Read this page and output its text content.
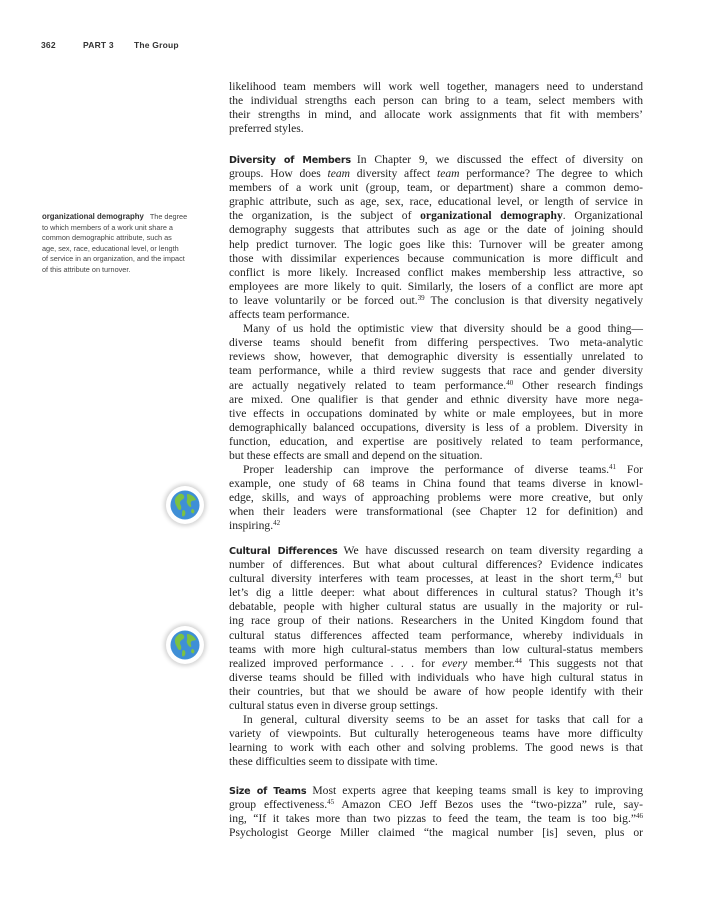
362	PART 3 The Group
organizational demography The degree
to which members of a work unit share a
common demographic attribute, such as
age, sex, race, educational level, or length
of service in an organization, and the impact
of this attribute on turnover.
likelihood team members will work well together, managers need to understand
the individual strengths each person can bring to a team, select members with
their strengths in mind, and allocate work assignments that fit with members’
preferred styles.
Diversity of Members In Chapter 9, we discussed the effect of diversity on
groups. How does team diversity affect team performance? The degree to which
members of a work unit (group, team, or department) share a common demo-
graphic attribute, such as age, sex, race, educational level, or length of service in
the organization, is the subject of organizational demography. Organizational
demography suggests that attributes such as age or the date of joining should
help predict turnover. The logic goes like this: Turnover will be greater among
those with dissimilar experiences because communication is more difficult and
conflict is more likely. Increased conflict makes membership less attractive, so
employees are more likely to quit. Similarly, the losers of a conflict are more apt
to leave voluntarily or be forced out.$^{39}$ The conclusion is that diversity negatively
affects team performance.
Many of us hold the optimistic view that diversity should be a good thing—
diverse teams should benefit from differing perspectives. Two meta-analytic
reviews show, however, that demographic diversity is essentially unrelated to
team performance, while a third review suggests that race and gender diversity
are actually negatively related to team performance.$^{40}$ Other research findings
are mixed. One qualifier is that gender and ethnic diversity have more nega-
tive effects in occupations dominated by white or male employees, but in more
demographically balanced occupations, diversity is less of a problem. Diversity in
function, education, and expertise are positively related to team performance,
but these effects are small and depend on the situation.
Proper leadership can improve the performance of diverse teams.$^{41}$ For
example, one study of 68 teams in China found that teams diverse in knowl-
edge, skills, and ways of approaching problems were more creative, but only
when their leaders were transformational (see Chapter 12 for definition) and
inspiring.$^{42}$
Cultural Differences We have discussed research on team diversity regarding a
number of differences. But what about cultural differences? Evidence indicates
cultural diversity interferes with team processes, at least in the short term,$^{43}$ but
let’s dig a little deeper: what about differences in cultural status? Though it’s
debatable, people with higher cultural status are usually in the majority or rul-
ing race group of their nations. Researchers in the United Kingdom found that
cultural status differences affected team performance, whereby individuals in
teams with more high cultural-status members than low cultural-status members
realized improved performance . . . for every member.$^{44}$ This suggests not that
diverse teams should be filled with individuals who have high cultural status in
their countries, but that we should be aware of how people identify with their
cultural status even in diverse group settings.
In general, cultural diversity seems to be an asset for tasks that call for a
variety of viewpoints. But culturally heterogeneous teams have more difficulty
learning to work with each other and solving problems. The good news is that
these difficulties seem to dissipate with time.
Size of Teams Most experts agree that keeping teams small is key to improving
group effectiveness.$^{45}$ Amazon CEO Jeff Bezos uses the “two-pizza” rule, say-
ing, “If it takes more than two pizzas to feed the team, the team is too big.”$^{46}$
Psychologist George Miller claimed “the magical number [is] seven, plus or
